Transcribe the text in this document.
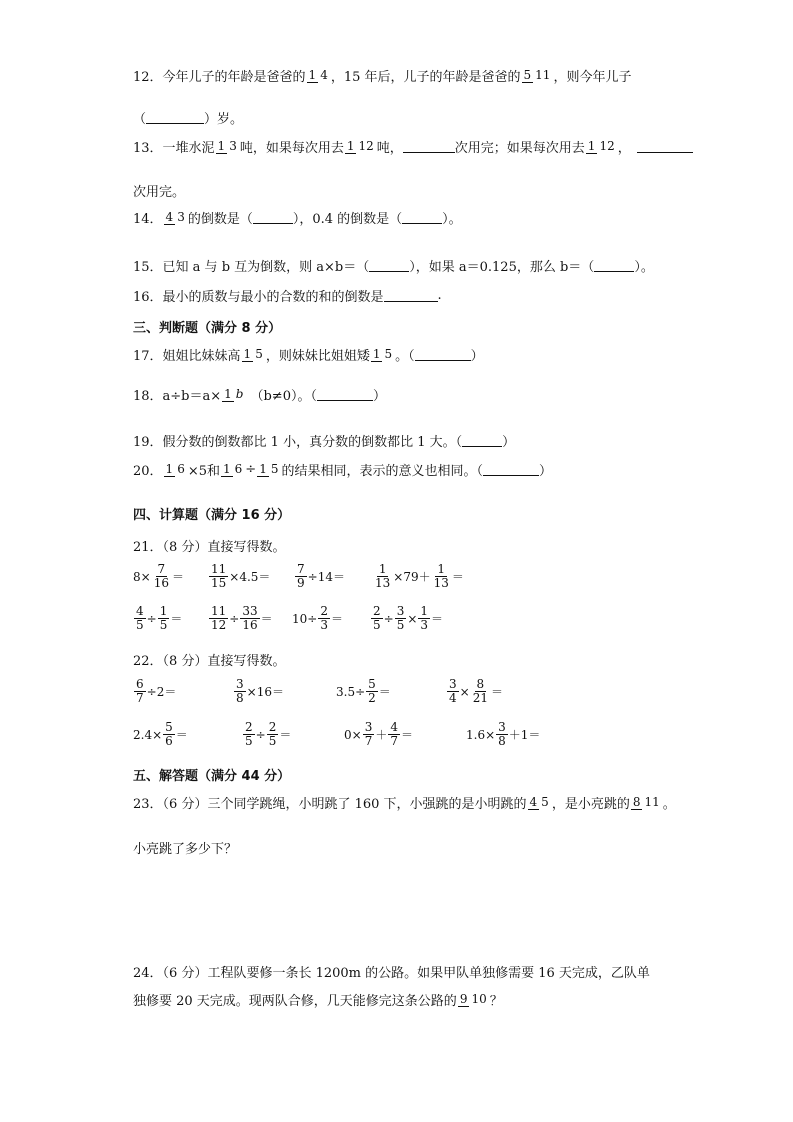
12．今年儿子的年龄是爸爸的 1 4 ，15 年后，儿子的年龄是爸爸的 5 11 ，则今年儿子
（	）岁。
13．一堆水泥 1 3 吨，如果每次用去 1 12 吨，	次用完；如果每次用去 1 12 ，
次用完。
14． 4 3 的倒数是（	），0.4 的倒数是（	）。
15．已知 a 与 b 互为倒数，则 a×b＝（	），如果 a＝0.125，那么 b＝（	）。
16．最小的质数与最小的合数的和的倒数是	.
三、判断题（满分 8 分）
17．姐姐比妹妹高 1 5 ，则妹妹比姐姐矮 1 5 。（	）
18．a÷b＝a× 1 b （b≠0）。（	）
19．假分数的倒数都比 1 小，真分数的倒数都比 1 大。（	）
20． 1 6 ×5和 1 6 ÷ 1 5 的结果相同，表示的意义也相同。（	）
四、计算题（满分 16 分）
21．（8 分）直接写得数。
$8\times \frac{7}{16} = \frac{11}{15} \times 4.5= \frac{7}{9} \div 14= \frac{1}{13} \times 79+ \frac{1}{13}$ ＝
$\frac{4}{5} \div \frac{1}{5} = \frac{11}{12} \div \frac{33}{16} = 10\div \frac{2}{3} = \frac{2}{5} \div \frac{3}{5} \times \frac{1}{3}$ ＝
22．（8 分）直接写得数。
$\frac{6}{7} \div 2=$	$\frac{3}{8} \times 16=$	$3.5\div \frac{5}{2}$ ＝	$\frac{3}{4} \times \frac{8}{21}$ ＝
$2.4\times \frac{5}{6}$ ＝	$\frac{2}{5} \div \frac{2}{5}$ ＝	$0\times \frac{3}{7} + \frac{4}{7}$ ＝	$1.6\times \frac{3}{8} +1=$
五、解答题（满分 44 分）
23．（6 分）三个同学跳绳，小明跳了 160 下，小强跳的是小明跳的 4 5 ，是小亮跳的 8 11 。
小亮跳了多少下？
24．（6 分）工程队要修一条长 1200m 的公路。如果甲队单独修需要 16 天完成，乙队单
独修要 20 天完成。现两队合修，几天能修完这条公路的 9 10 ？
